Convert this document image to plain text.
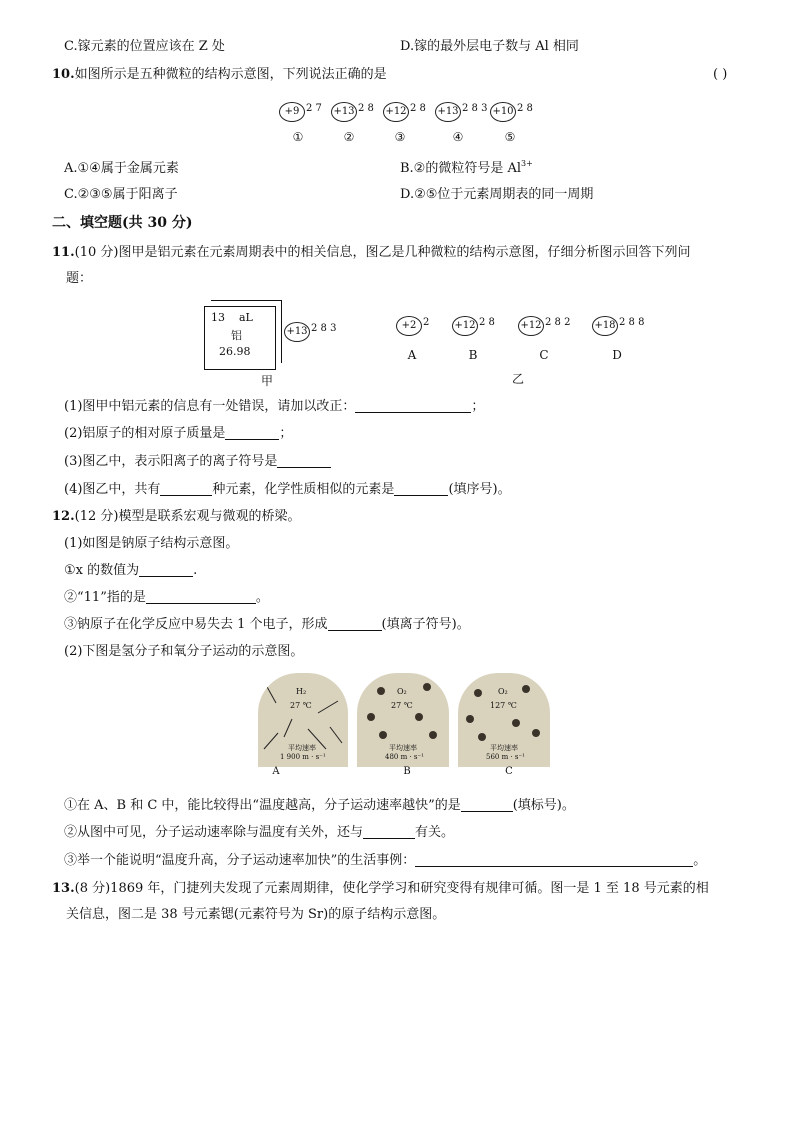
C.镓元素的位置应该在 Z 处	D.镓的最外层电子数与 Al 相同
10.如图所示是五种微粒的结构示意图，下列说法正确的是	( )
+9 2 7 +13 2 8 +12 2 8 +13 2 8 3 +10 2 8
①	②	③	④	⑤
A.①④属于金属元素	B.②的微粒符号是 $Al^{3+}$
C.②③⑤属于阳离子	D.②⑤位于元素周期表的同一周期
二、填空题(共 30 分)
11.(10 分)图甲是铝元素在元素周期表中的相关信息，图乙是几种微粒的结构示意图，仔细分析图示回答下列问
题：
13 aL
铝
26.98
+13 2 8 3
甲
+2 2	+12 2 8	+12 2 8 2 +18 2 8 8
A	B	C	D
乙
(1)图甲中铝元素的信息有一处错误，请加以改正：	；
(2)铝原子的相对原子质量是	；
(3)图乙中，表示阳离子的离子符号是
(4)图乙中，共有	种元素，化学性质相似的元素是	(填序号)。
12.(12 分)模型是联系宏观与微观的桥梁。
(1)如图是钠原子结构示意图。
①x 的数值为	.
②“11”指的是	。
③钠原子在化学反应中易失去 1 个电子，形成	(填离子符号)。
(2)下图是氢分子和氧分子运动的示意图。
H₂
27 ℃
平均速率
1 900 m · s⁻¹
O₂
27 ℃
平均速率
480 m · s⁻¹
O₂
127 ℃
平均速率
560 m · s⁻¹
A	B	C
①在 A、B 和 C 中，能比较得出“温度越高，分子运动速率越快”的是	(填标号)。
②从图中可见，分子运动速率除与温度有关外，还与	有关。
③举一个能说明“温度升高，分子运动速率加快”的生活事例：	。
13.(8 分)1869 年，门捷列夫发现了元素周期律，使化学学习和研究变得有规律可循。图一是 1 至 18 号元素的相
关信息，图二是 38 号元素锶(元素符号为 Sr)的原子结构示意图。
